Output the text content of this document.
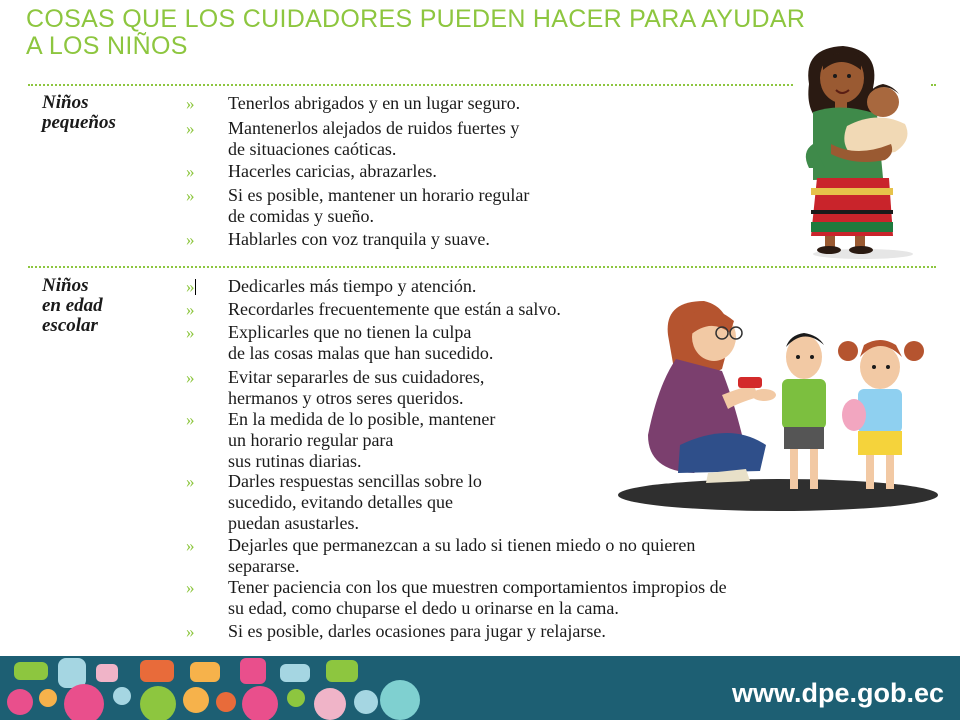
COSAS QUE LOS CUIDADORES PUEDEN HACER PARA AYUDAR
A LOS NIÑOS
Niños
pequeños
» Tenerlos abrigados y en un lugar seguro.
» Mantenerlos alejados de ruidos fuertes y
de situaciones caóticas.
» Hacerles caricias, abrazarles.
» Si es posible, mantener un horario regular
de comidas y sueño.
» Hablarles con voz tranquila y suave.
Niños
en edad
escolar
» Dedicarles más tiempo y atención.
» Recordarles frecuentemente que están a salvo.
» Explicarles que no tienen la culpa
de las cosas malas que han sucedido.
» Evitar separarles de sus cuidadores,
hermanos y otros seres queridos.
» En la medida de lo posible, mantener
un horario regular para
sus rutinas diarias.
» Darles respuestas sencillas sobre lo
sucedido, evitando detalles que
puedan asustarles.
» Dejarles que permanezcan a su lado si tienen miedo o no quieren
separarse.
» Tener paciencia con los que muestren comportamientos impropios de
su edad, como chuparse el dedo u orinarse en la cama.
» Si es posible, darles ocasiones para jugar y relajarse.
www.dpe.gob.ec
